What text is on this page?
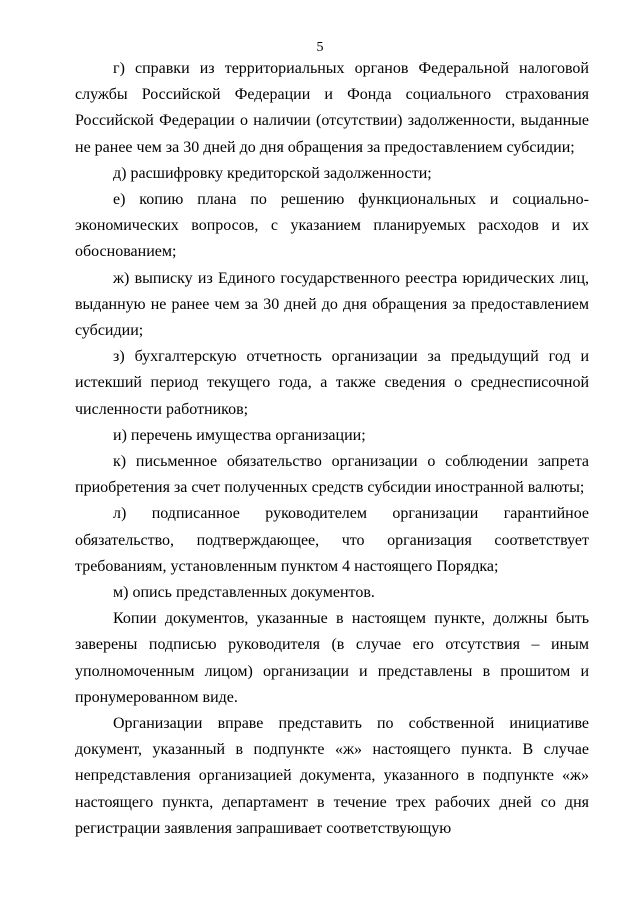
5

г) справки из территориальных органов Федеральной налоговой службы Российской Федерации и Фонда социального страхования Российской Федерации о наличии (отсутствии) задолженности, выданные не ранее чем за 30 дней до дня обращения за предоставлением субсидии;

д) расшифровку кредиторской задолженности;

е) копию плана по решению функциональных и социально-экономических вопросов, с указанием планируемых расходов и их обоснованием;

ж) выписку из Единого государственного реестра юридических лиц, выданную не ранее чем за 30 дней до дня обращения за предоставлением субсидии;

з) бухгалтерскую отчетность организации за предыдущий год и истекший период текущего года, а также сведения о среднесписочной численности работников;

и) перечень имущества организации;

к) письменное обязательство организации о соблюдении запрета приобретения за счет полученных средств субсидии иностранной валюты;

л) подписанное руководителем организации гарантийное обязательство, подтверждающее, что организация соответствует требованиям, установленным пунктом 4 настоящего Порядка;

м) опись представленных документов.

Копии документов, указанные в настоящем пункте, должны быть заверены подписью руководителя (в случае его отсутствия – иным уполномоченным лицом) организации и представлены в прошитом и пронумерованном виде.

Организации вправе представить по собственной инициативе документ, указанный в подпункте «ж» настоящего пункта. В случае непредставления организацией документа, указанного в подпункте «ж» настоящего пункта, департамент в течение трех рабочих дней со дня регистрации заявления запрашивает соответствующую
